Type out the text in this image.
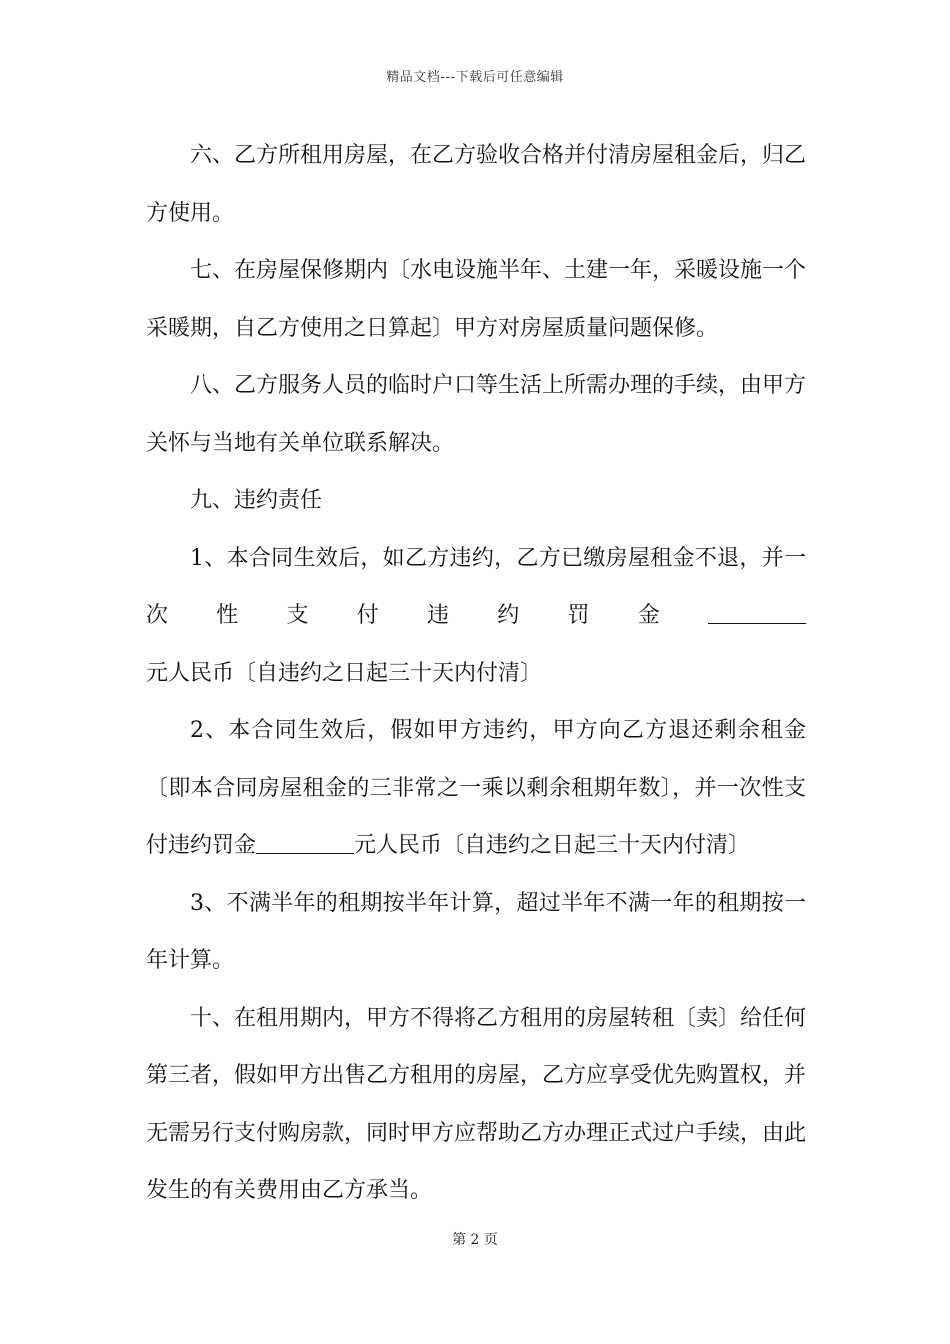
精品文档---下载后可任意编辑

六、乙方所租用房屋，在乙方验收合格并付清房屋租金后，归乙方使用。

七、在房屋保修期内〔水电设施半年、土建一年，采暖设施一个采暖期，自乙方使用之日算起〕甲方对房屋质量问题保修。

八、乙方服务人员的临时户口等生活上所需办理的手续，由甲方关怀与当地有关单位联系解决。

九、违约责任

1、本合同生效后，如乙方违约，乙方已缴房屋租金不退，并一次性支付违约罚金元人民币〔自违约之日起三十天内付清〕

2、本合同生效后，假如甲方违约，甲方向乙方退还剩余租金〔即本合同房屋租金的三非常之一乘以剩余租期年数〕，并一次性支付违约罚金	元人民币〔自违约之日起三十天内付清〕

3、不满半年的租期按半年计算，超过半年不满一年的租期按一年计算。

十、在租用期内，甲方不得将乙方租用的房屋转租〔卖〕给任何第三者，假如甲方出售乙方租用的房屋，乙方应享受优先购置权，并无需另行支付购房款，同时甲方应帮助乙方办理正式过户手续，由此发生的有关费用由乙方承当。

第 2 页
